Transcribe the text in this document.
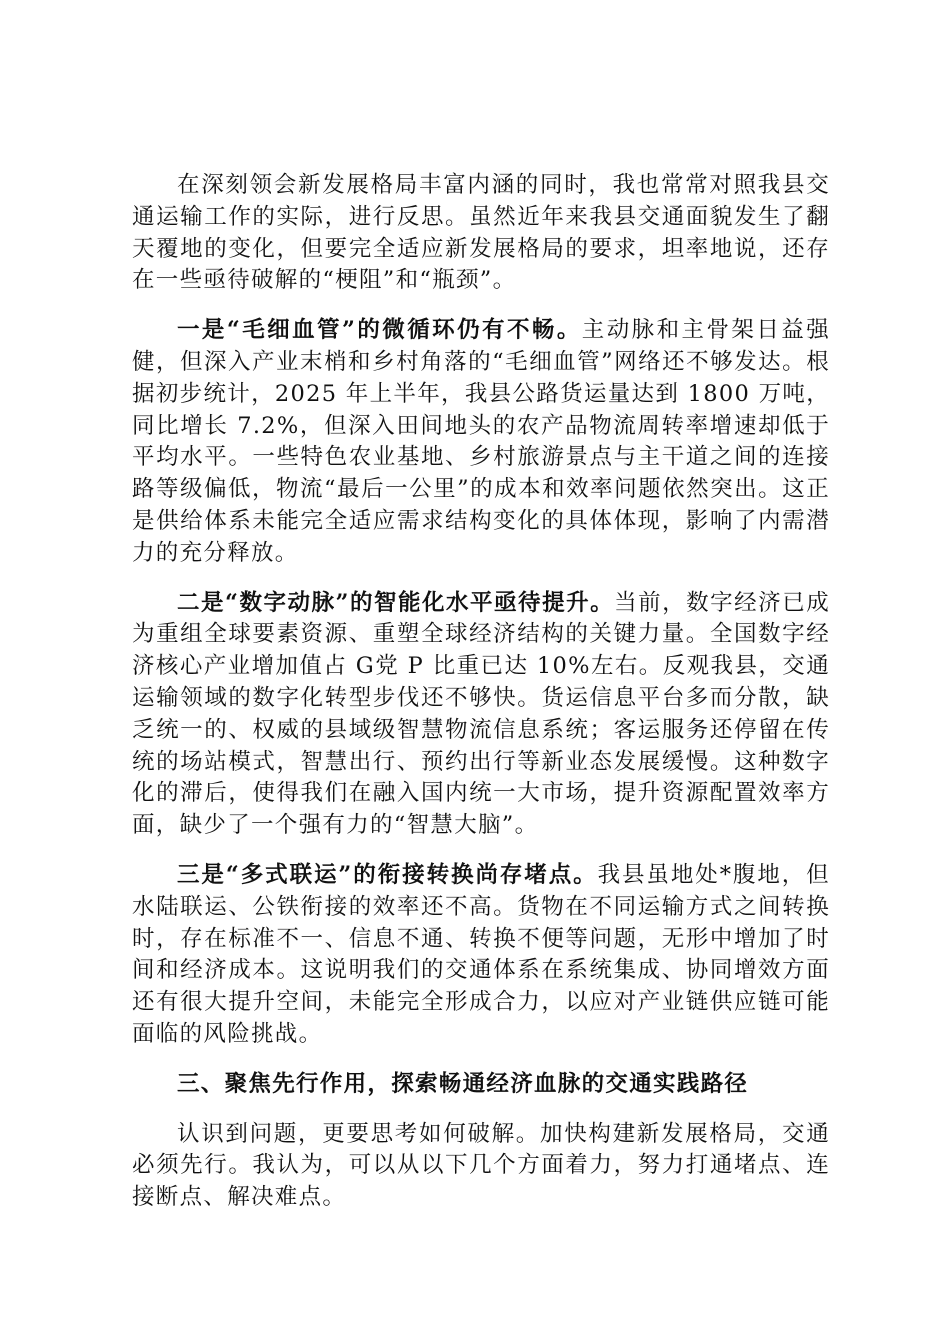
在深刻领会新发展格局丰富内涵的同时，我也常常对照我县交通运输工作的实际，进行反思。虽然近年来我县交通面貌发生了翻天覆地的变化，但要完全适应新发展格局的要求，坦率地说，还存在一些亟待破解的“梗阻”和“瓶颈”。

一是“毛细血管”的微循环仍有不畅。主动脉和主骨架日益强健，但深入产业末梢和乡村角落的“毛细血管”网络还不够发达。根据初步统计，2025 年上半年，我县公路货运量达到 1800 万吨，同比增长 7.2%，但深入田间地头的农产品物流周转率增速却低于平均水平。一些特色农业基地、乡村旅游景点与主干道之间的连接路等级偏低，物流“最后一公里”的成本和效率问题依然突出。这正是供给体系未能完全适应需求结构变化的具体体现，影响了内需潜力的充分释放。

二是“数字动脉”的智能化水平亟待提升。当前，数字经济已成为重组全球要素资源、重塑全球经济结构的关键力量。全国数字经济核心产业增加值占 G党 P 比重已达 10%左右。反观我县，交通运输领域的数字化转型步伐还不够快。货运信息平台多而分散，缺乏统一的、权威的县域级智慧物流信息系统；客运服务还停留在传统的场站模式，智慧出行、预约出行等新业态发展缓慢。这种数字化的滞后，使得我们在融入国内统一大市场，提升资源配置效率方面，缺少了一个强有力的“智慧大脑”。

三是“多式联运”的衔接转换尚存堵点。我县虽地处*腹地，但水陆联运、公铁衔接的效率还不高。货物在不同运输方式之间转换时，存在标准不一、信息不通、转换不便等问题，无形中增加了时间和经济成本。这说明我们的交通体系在系统集成、协同增效方面还有很大提升空间，未能完全形成合力，以应对产业链供应链可能面临的风险挑战。

三、聚焦先行作用，探索畅通经济血脉的交通实践路径

认识到问题，更要思考如何破解。加快构建新发展格局，交通必须先行。我认为，可以从以下几个方面着力，努力打通堵点、连接断点、解决难点。
